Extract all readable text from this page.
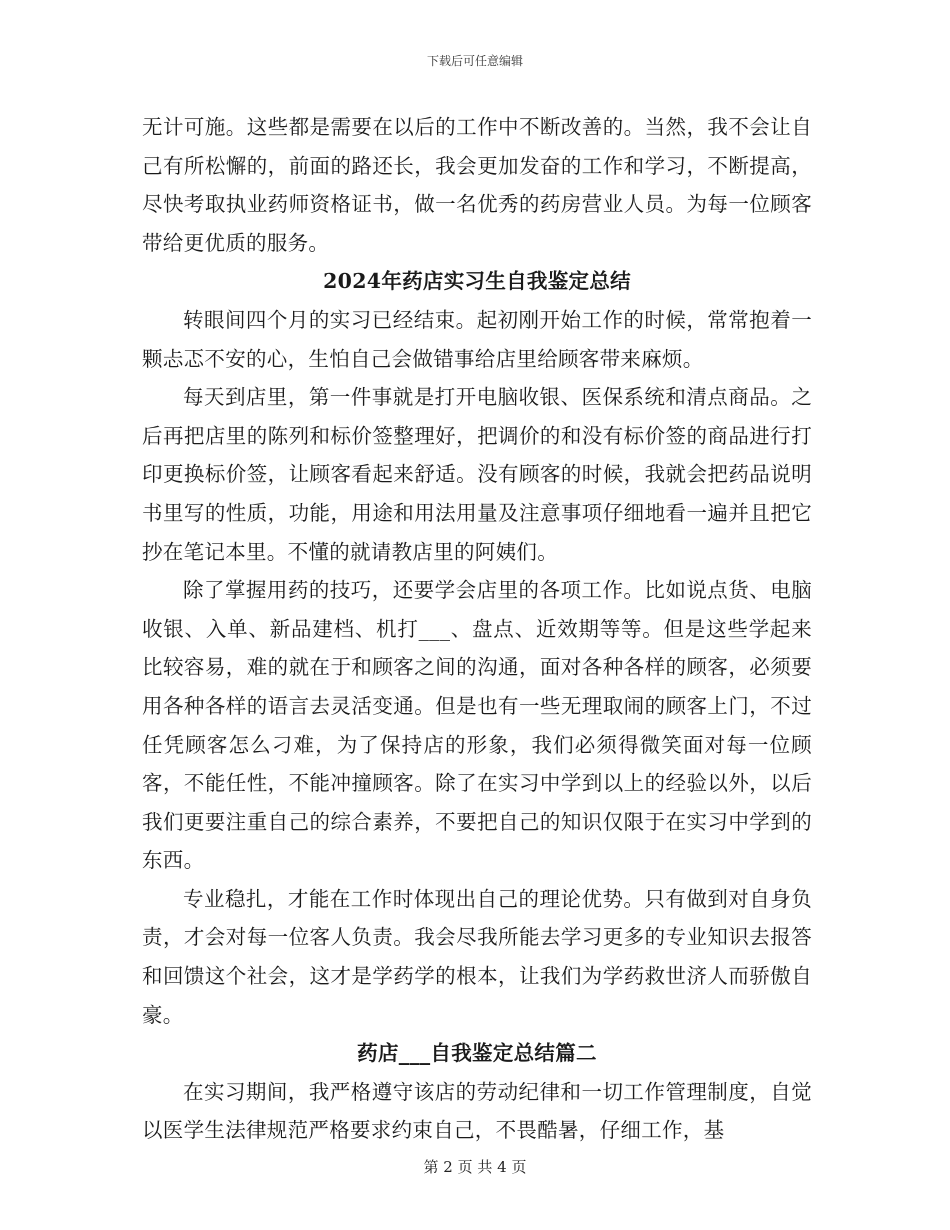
下载后可任意编辑

无计可施。这些都是需要在以后的工作中不断改善的。当然，我不会让自己有所松懈的，前面的路还长，我会更加发奋的工作和学习，不断提高，尽快考取执业药师资格证书，做一名优秀的药房营业人员。为每一位顾客带给更优质的服务。

2024年药店实习生自我鉴定总结

转眼间四个月的实习已经结束。起初刚开始工作的时候，常常抱着一颗忐忑不安的心，生怕自己会做错事给店里给顾客带来麻烦。

每天到店里，第一件事就是打开电脑收银、医保系统和清点商品。之后再把店里的陈列和标价签整理好，把调价的和没有标价签的商品进行打印更换标价签，让顾客看起来舒适。没有顾客的时候，我就会把药品说明书里写的性质，功能，用途和用法用量及注意事项仔细地看一遍并且把它抄在笔记本里。不懂的就请教店里的阿姨们。

除了掌握用药的技巧，还要学会店里的各项工作。比如说点货、电脑收银、入单、新品建档、机打___、盘点、近效期等等。但是这些学起来比较容易，难的就在于和顾客之间的沟通，面对各种各样的顾客，必须要用各种各样的语言去灵活变通。但是也有一些无理取闹的顾客上门，不过任凭顾客怎么刁难，为了保持店的形象，我们必须得微笑面对每一位顾客，不能任性，不能冲撞顾客。除了在实习中学到以上的经验以外，以后我们更要注重自己的综合素养，不要把自己的知识仅限于在实习中学到的东西。

专业稳扎，才能在工作时体现出自己的理论优势。只有做到对自身负责，才会对每一位客人负责。我会尽我所能去学习更多的专业知识去报答和回馈这个社会，这才是学药学的根本，让我们为学药救世济人而骄傲自豪。

药店___自我鉴定总结篇二

在实习期间，我严格遵守该店的劳动纪律和一切工作管理制度，自觉以医学生法律规范严格要求约束自己，不畏酷暑，仔细工作，基

第 2 页 共 4 页
